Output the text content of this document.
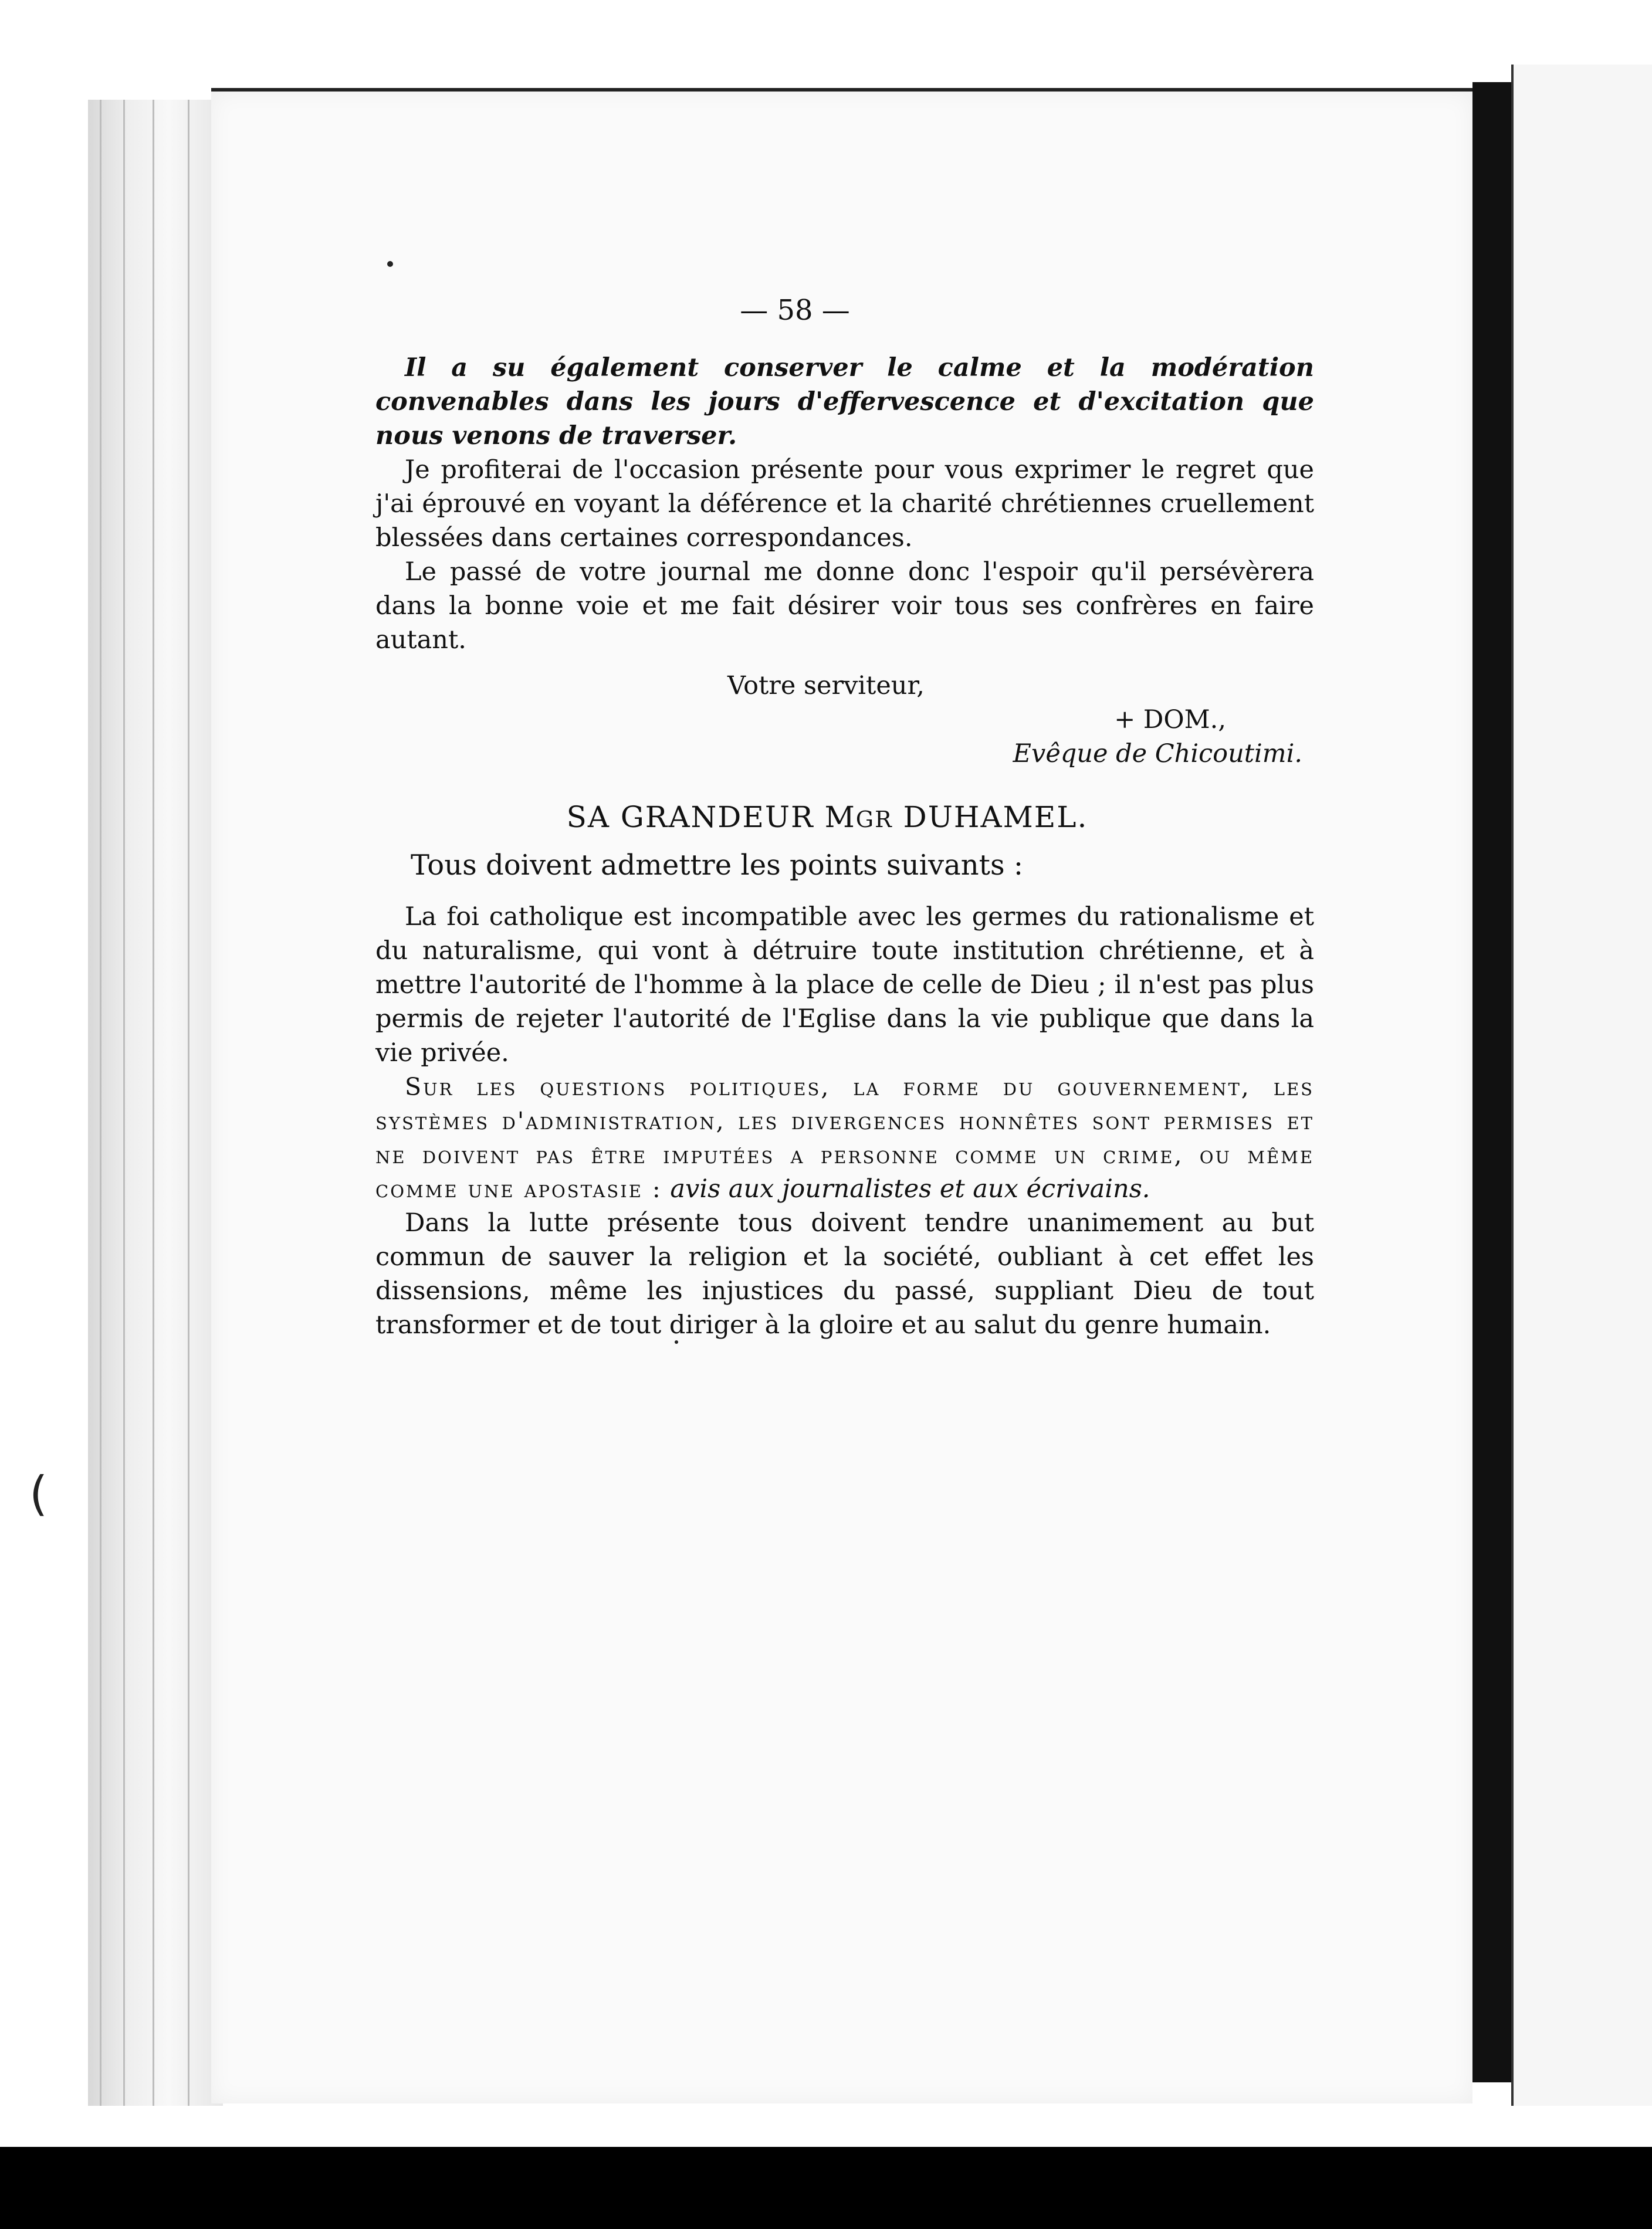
(
— 58 —

Il a su également conserver le calme et la modération convenables dans les jours d'effervescence et d'excitation que nous venons de traverser.

Je profiterai de l'occasion présente pour vous exprimer le regret que j'ai éprouvé en voyant la déférence et la charité chrétiennes cruellement blessées dans certaines correspondances.

Le passé de votre journal me donne donc l'espoir qu'il persévèrera dans la bonne voie et me fait désirer voir tous ses confrères en faire autant.

Votre serviteur,
+ DOM.,
Evêque de Chicoutimi.
SA GRANDEUR MGR DUHAMEL.
Tous doivent admettre les points suivants :

La foi catholique est incompatible avec les germes du rationalisme et du naturalisme, qui vont à détruire toute institution chrétienne, et à mettre l'autorité de l'homme à la place de celle de Dieu ; il n'est pas plus permis de rejeter l'autorité de l'Eglise dans la vie publique que dans la vie privée.

Sur les questions politiques, la forme du gouvernement, les systèmes d'administration, les divergences honnêtes sont permises et ne doivent pas être imputées a personne comme un crime, ou même comme une apostasie : avis aux journalistes et aux écrivains.

Dans la lutte présente tous doivent tendre unanimement au but commun de sauver la religion et la société, oubliant à cet effet les dissensions, même les injustices du passé, suppliant Dieu de tout transformer et de tout diriger à la gloire et au salut du genre humain.
